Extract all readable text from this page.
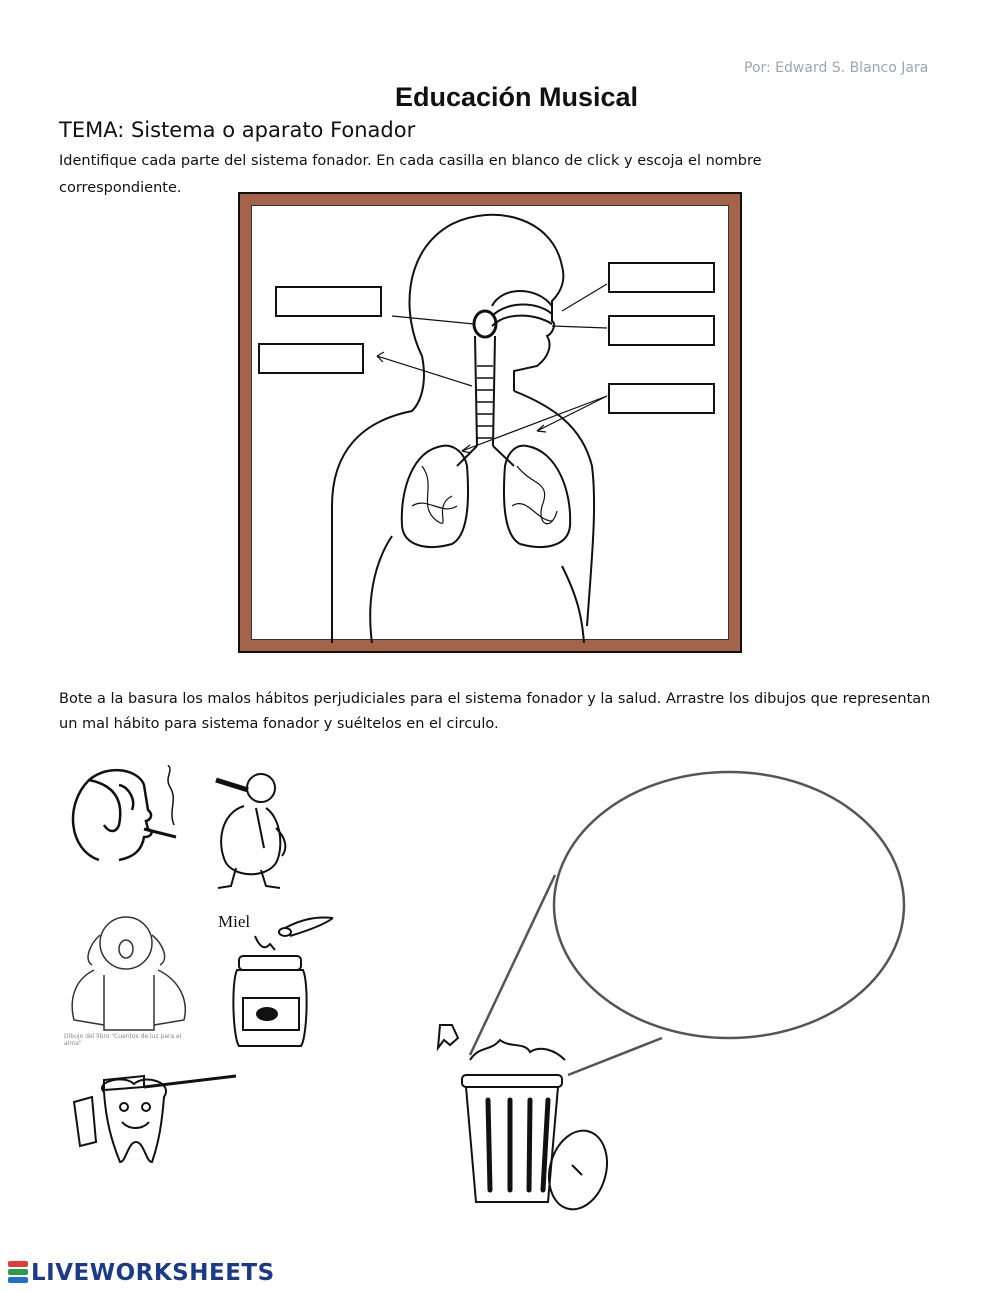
Por: Edward S. Blanco Jara
Educación Musical
TEMA: Sistema o aparato Fonador
Identifique cada parte del sistema fonador. En cada casilla en blanco de click y escoja el nombre correspondiente.
Bote a la basura los malos hábitos perjudiciales para el sistema fonador y la salud. Arrastre los dibujos que representan un mal hábito para sistema fonador y suéltelos en el circulo.
Dibujo del libro "Cuentos de luz para el alma"
Miel
LIVEWORKSHEETS
